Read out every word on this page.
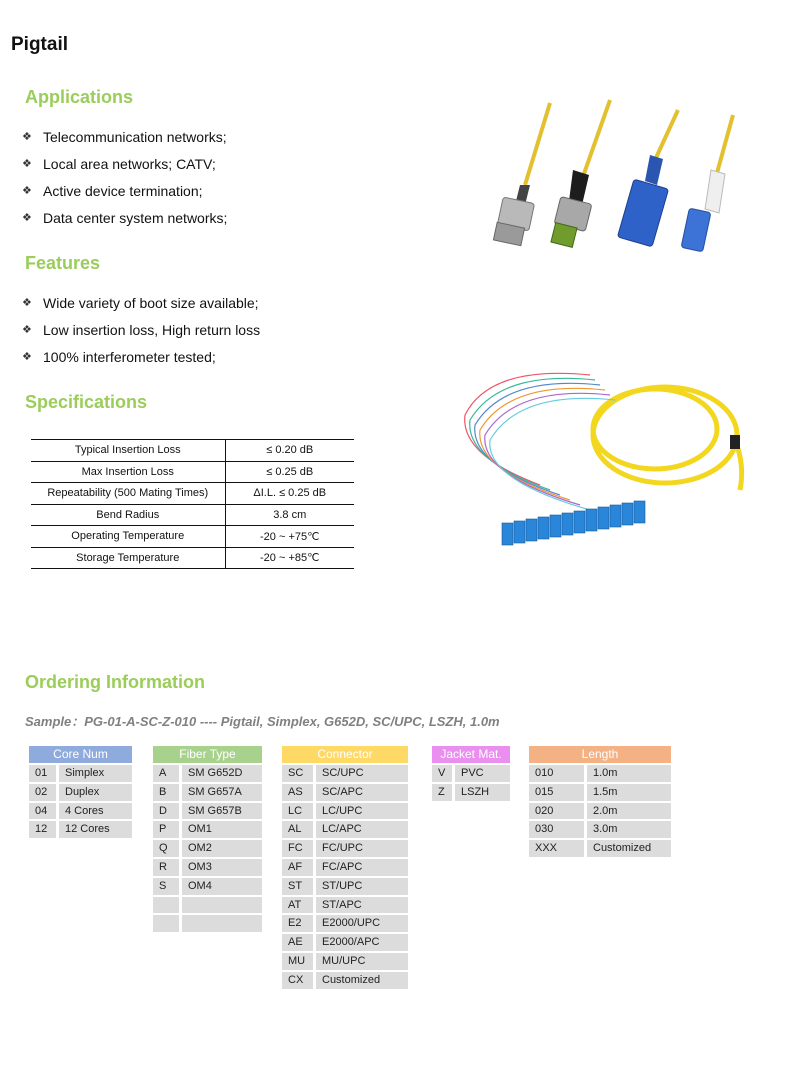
Pigtail
Applications
❖ Telecommunication networks;
❖ Local area networks; CATV;
❖ Active device termination;
❖ Data center system networks;
Features
❖ Wide variety of boot size available;
❖ Low insertion loss, High return loss
❖ 100% interferometer tested;
Specifications
Typical Insertion Loss	≤ 0.20 dB
Max Insertion Loss	≤ 0.25 dB
Repeatability (500 Mating Times)	ΔI.L. ≤ 0.25 dB
Bend Radius	3.8 cm
Operating Temperature	-20 ~ +75℃
Storage Temperature	-20 ~ +85℃
Ordering Information
Sample：PG-01-A-SC-Z-010 ---- Pigtail, Simplex, G652D, SC/UPC, LSZH, 1.0m
Core Num
01	Simplex
02	Duplex
04	4 Cores
12	12 Cores
Fiber Type
A	SM G652D
B	SM G657A
D	SM G657B
P	OM1
Q	OM2
R	OM3
S	OM4
Connector
SC	SC/UPC
AS	SC/APC
LC	LC/UPC
AL	LC/APC
FC	FC/UPC
AF	FC/APC
ST	ST/UPC
AT	ST/APC
E2	E2000/UPC
AE	E2000/APC
MU	MU/UPC
CX	Customized
Jacket Mat.
V	PVC
Z	LSZH
Length
010	1.0m
015	1.5m
020	2.0m
030	3.0m
XXX	Customized
